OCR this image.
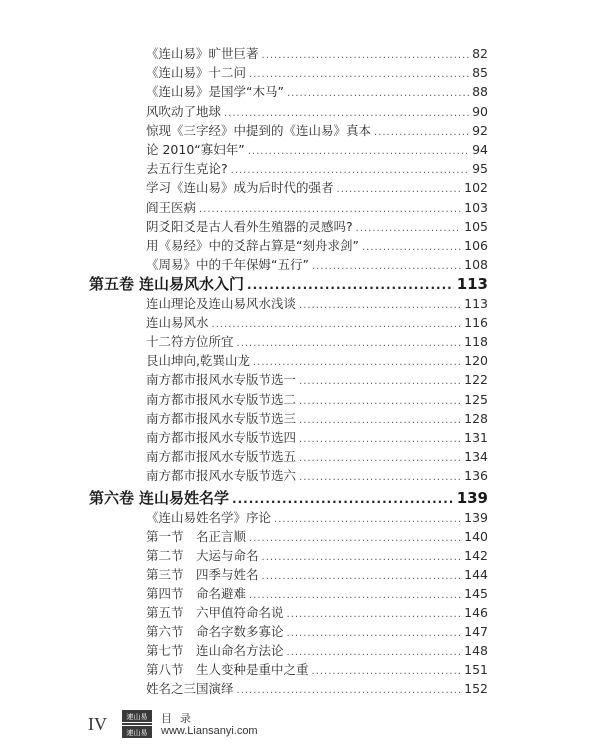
《连山易》旷世巨著 .....	82
《连山易》十二问 .....	85
《连山易》是国学“木马” .....	88
风吹动了地球 .....	90
惊现《三字经》中提到的《连山易》真本 .....	92
论 2010“寡妇年” .....	94
去五行生克论? .....	95
学习《连山易》成为后时代的强者 .....	102
阎王医病 .....	103
阴爻阳爻是古人看外生殖器的灵感吗? .....	105
用《易经》中的爻辞占算是“刻舟求剑” .....	106
《周易》中的千年保姆“五行” .....	108
第五卷 连山易风水入门 .....	113
连山理论及连山易风水浅谈 .....	113
连山易风水 .....	116
十二符方位所宜 .....	118
艮山坤向,乾巽山龙 .....	120
南方都市报风水专版节选一 .....	122
南方都市报风水专版节选二 .....	125
南方都市报风水专版节选三 .....	128
南方都市报风水专版节选四 .....	131
南方都市报风水专版节选五 .....	134
南方都市报风水专版节选六 .....	136
第六卷 连山易姓名学 .....	139
《连山易姓名学》序论 .....	139
第一节　名正言顺 .....	140
第二节　大运与命名 .....	142
第三节　四季与姓名 .....	144
第四节　命名避难 .....	145
第五节　六甲值符命名说 .....	146
第六节　命名字数多寡论 .....	147
第七节　连山命名方法论 .....	148
第八节　生人变种是重中之重 .....	151
姓名之三国演绎 .....	152
IV	連山易
連山易
目录
www.Liansanyi.com
